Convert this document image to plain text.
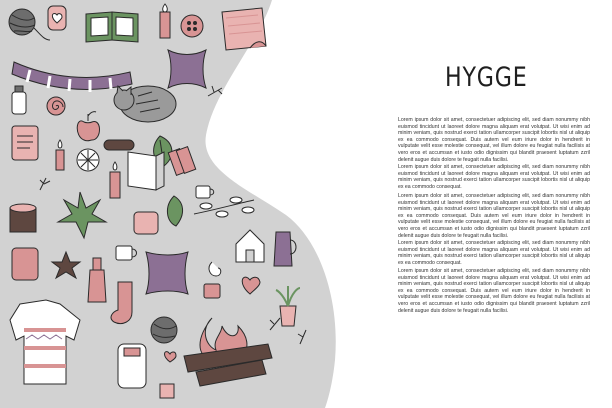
HYGGE

Lorem ipsum dolor sit amet, consectetuer adipiscing elit, sed diam nonummy nibh euismod tincidunt ut laoreet dolore magna aliquam erat volutpat. Ut wisi enim ad minim veniam, quis nostrud exerci tation ullamcorper suscipit lobortis nisl ut aliquip ex ea commodo consequat. Duis autem vel eum iriure dolor in hendrerit in vulputate velit esse molestie consequat, vel illum dolore eu feugiat nulla facilisis at vero eros et accumsan et iusto odio dignissim qui blandit praesent luptatum zzril delenit augue duis dolore te feugait nulla facilisi.

Lorem ipsum dolor sit amet, consectetuer adipiscing elit, sed diam nonummy nibh euismod tincidunt ut laoreet dolore magna aliquam erat volutpat. Ut wisi enim ad minim veniam, quis nostrud exerci tation ullamcorper suscipit lobortis nisl ut aliquip ex ea commodo consequat.

Lorem ipsum dolor sit amet, consectetuer adipiscing elit, sed diam nonummy nibh euismod tincidunt ut laoreet dolore magna aliquam erat volutpat. Ut wisi enim ad minim veniam, quis nostrud exerci tation ullamcorper suscipit lobortis nisl ut aliquip ex ea commodo consequat. Duis autem vel eum iriure dolor in hendrerit in vulputate velit esse molestie consequat, vel illum dolore eu feugiat nulla facilisis at vero eros et accumsan et iusto odio dignissim qui blandit praesent luptatum zzril delenit augue duis dolore te feugait nulla facilisi.

Lorem ipsum dolor sit amet, consectetuer adipiscing elit, sed diam nonummy nibh euismod tincidunt ut laoreet dolore magna aliquam erat volutpat. Ut wisi enim ad minim veniam, quis nostrud exerci tation ullamcorper suscipit lobortis nisl ut aliquip ex ea commodo consequat.

Lorem ipsum dolor sit amet, consectetuer adipiscing elit, sed diam nonummy nibh euismod tincidunt ut laoreet dolore magna aliquam erat volutpat. Ut wisi enim ad minim veniam, quis nostrud exerci tation ullamcorper suscipit lobortis nisl ut aliquip ex ea commodo consequat. Duis autem vel eum iriure dolor in hendrerit in vulputate velit esse molestie consequat, vel illum dolore eu feugiat nulla facilisis at vero eros et accumsan et iusto odio dignissim qui blandit praesent luptatum zzril delenit augue duis dolore te feugait nulla facilisi.
